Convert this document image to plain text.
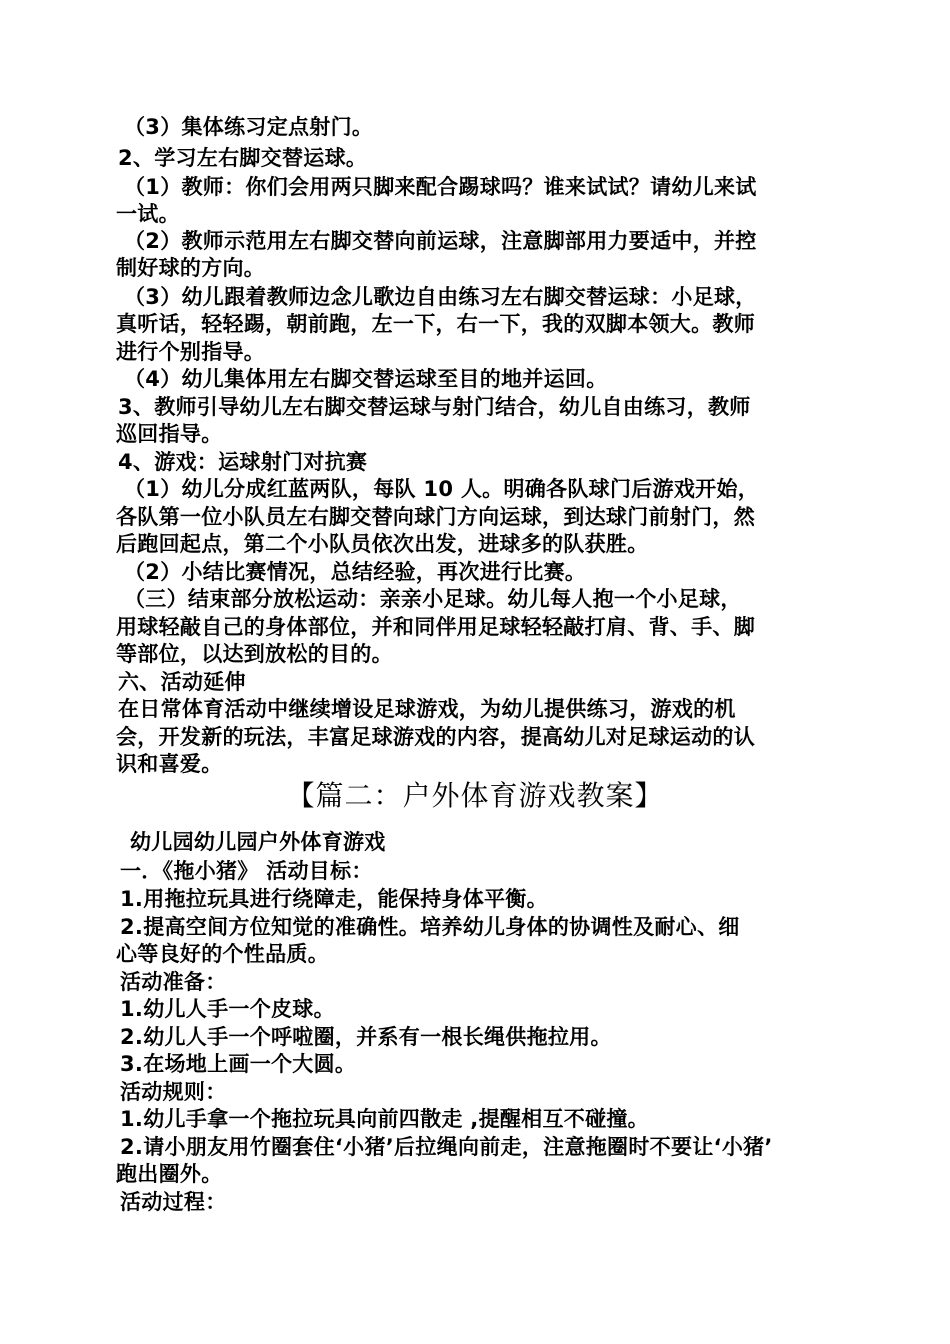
（3）集体练习定点射门。
2、学习左右脚交替运球。
（1）教师：你们会用两只脚来配合踢球吗？谁来试试？请幼儿来试
一试。
（2）教师示范用左右脚交替向前运球，注意脚部用力要适中，并控
制好球的方向。
（3）幼儿跟着教师边念儿歌边自由练习左右脚交替运球：小足球，
真听话，轻轻踢，朝前跑，左一下，右一下，我的双脚本领大。教师
进行个别指导。
（4）幼儿集体用左右脚交替运球至目的地并运回。
3、教师引导幼儿左右脚交替运球与射门结合，幼儿自由练习，教师
巡回指导。
4、游戏：运球射门对抗赛
（1）幼儿分成红蓝两队，每队 10 人。明确各队球门后游戏开始，
各队第一位小队员左右脚交替向球门方向运球，到达球门前射门，然
后跑回起点，第二个小队员依次出发，进球多的队获胜。
（2）小结比赛情况，总结经验，再次进行比赛。
（三）结束部分放松运动：亲亲小足球。幼儿每人抱一个小足球，
用球轻敲自己的身体部位，并和同伴用足球轻轻敲打肩、背、手、脚
等部位，以达到放松的目的。
六、活动延伸
在日常体育活动中继续增设足球游戏，为幼儿提供练习，游戏的机
会，开发新的玩法，丰富足球游戏的内容，提高幼儿对足球运动的认
识和喜爱。
【篇二：户外体育游戏教案】
幼儿园幼儿园户外体育游戏
一．《拖小猪》 活动目标：
1.用拖拉玩具进行绕障走，能保持身体平衡。
2.提高空间方位知觉的准确性。培养幼儿身体的协调性及耐心、细
心等良好的个性品质。
活动准备：
1.幼儿人手一个皮球。
2.幼儿人手一个呼啦圈，并系有一根长绳供拖拉用。
3.在场地上画一个大圆。
活动规则：
1.幼儿手拿一个拖拉玩具向前四散走 ,提醒相互不碰撞。
2.请小朋友用竹圈套住‘小猪’后拉绳向前走，注意拖圈时不要让‘小猪’
跑出圈外。
活动过程：
